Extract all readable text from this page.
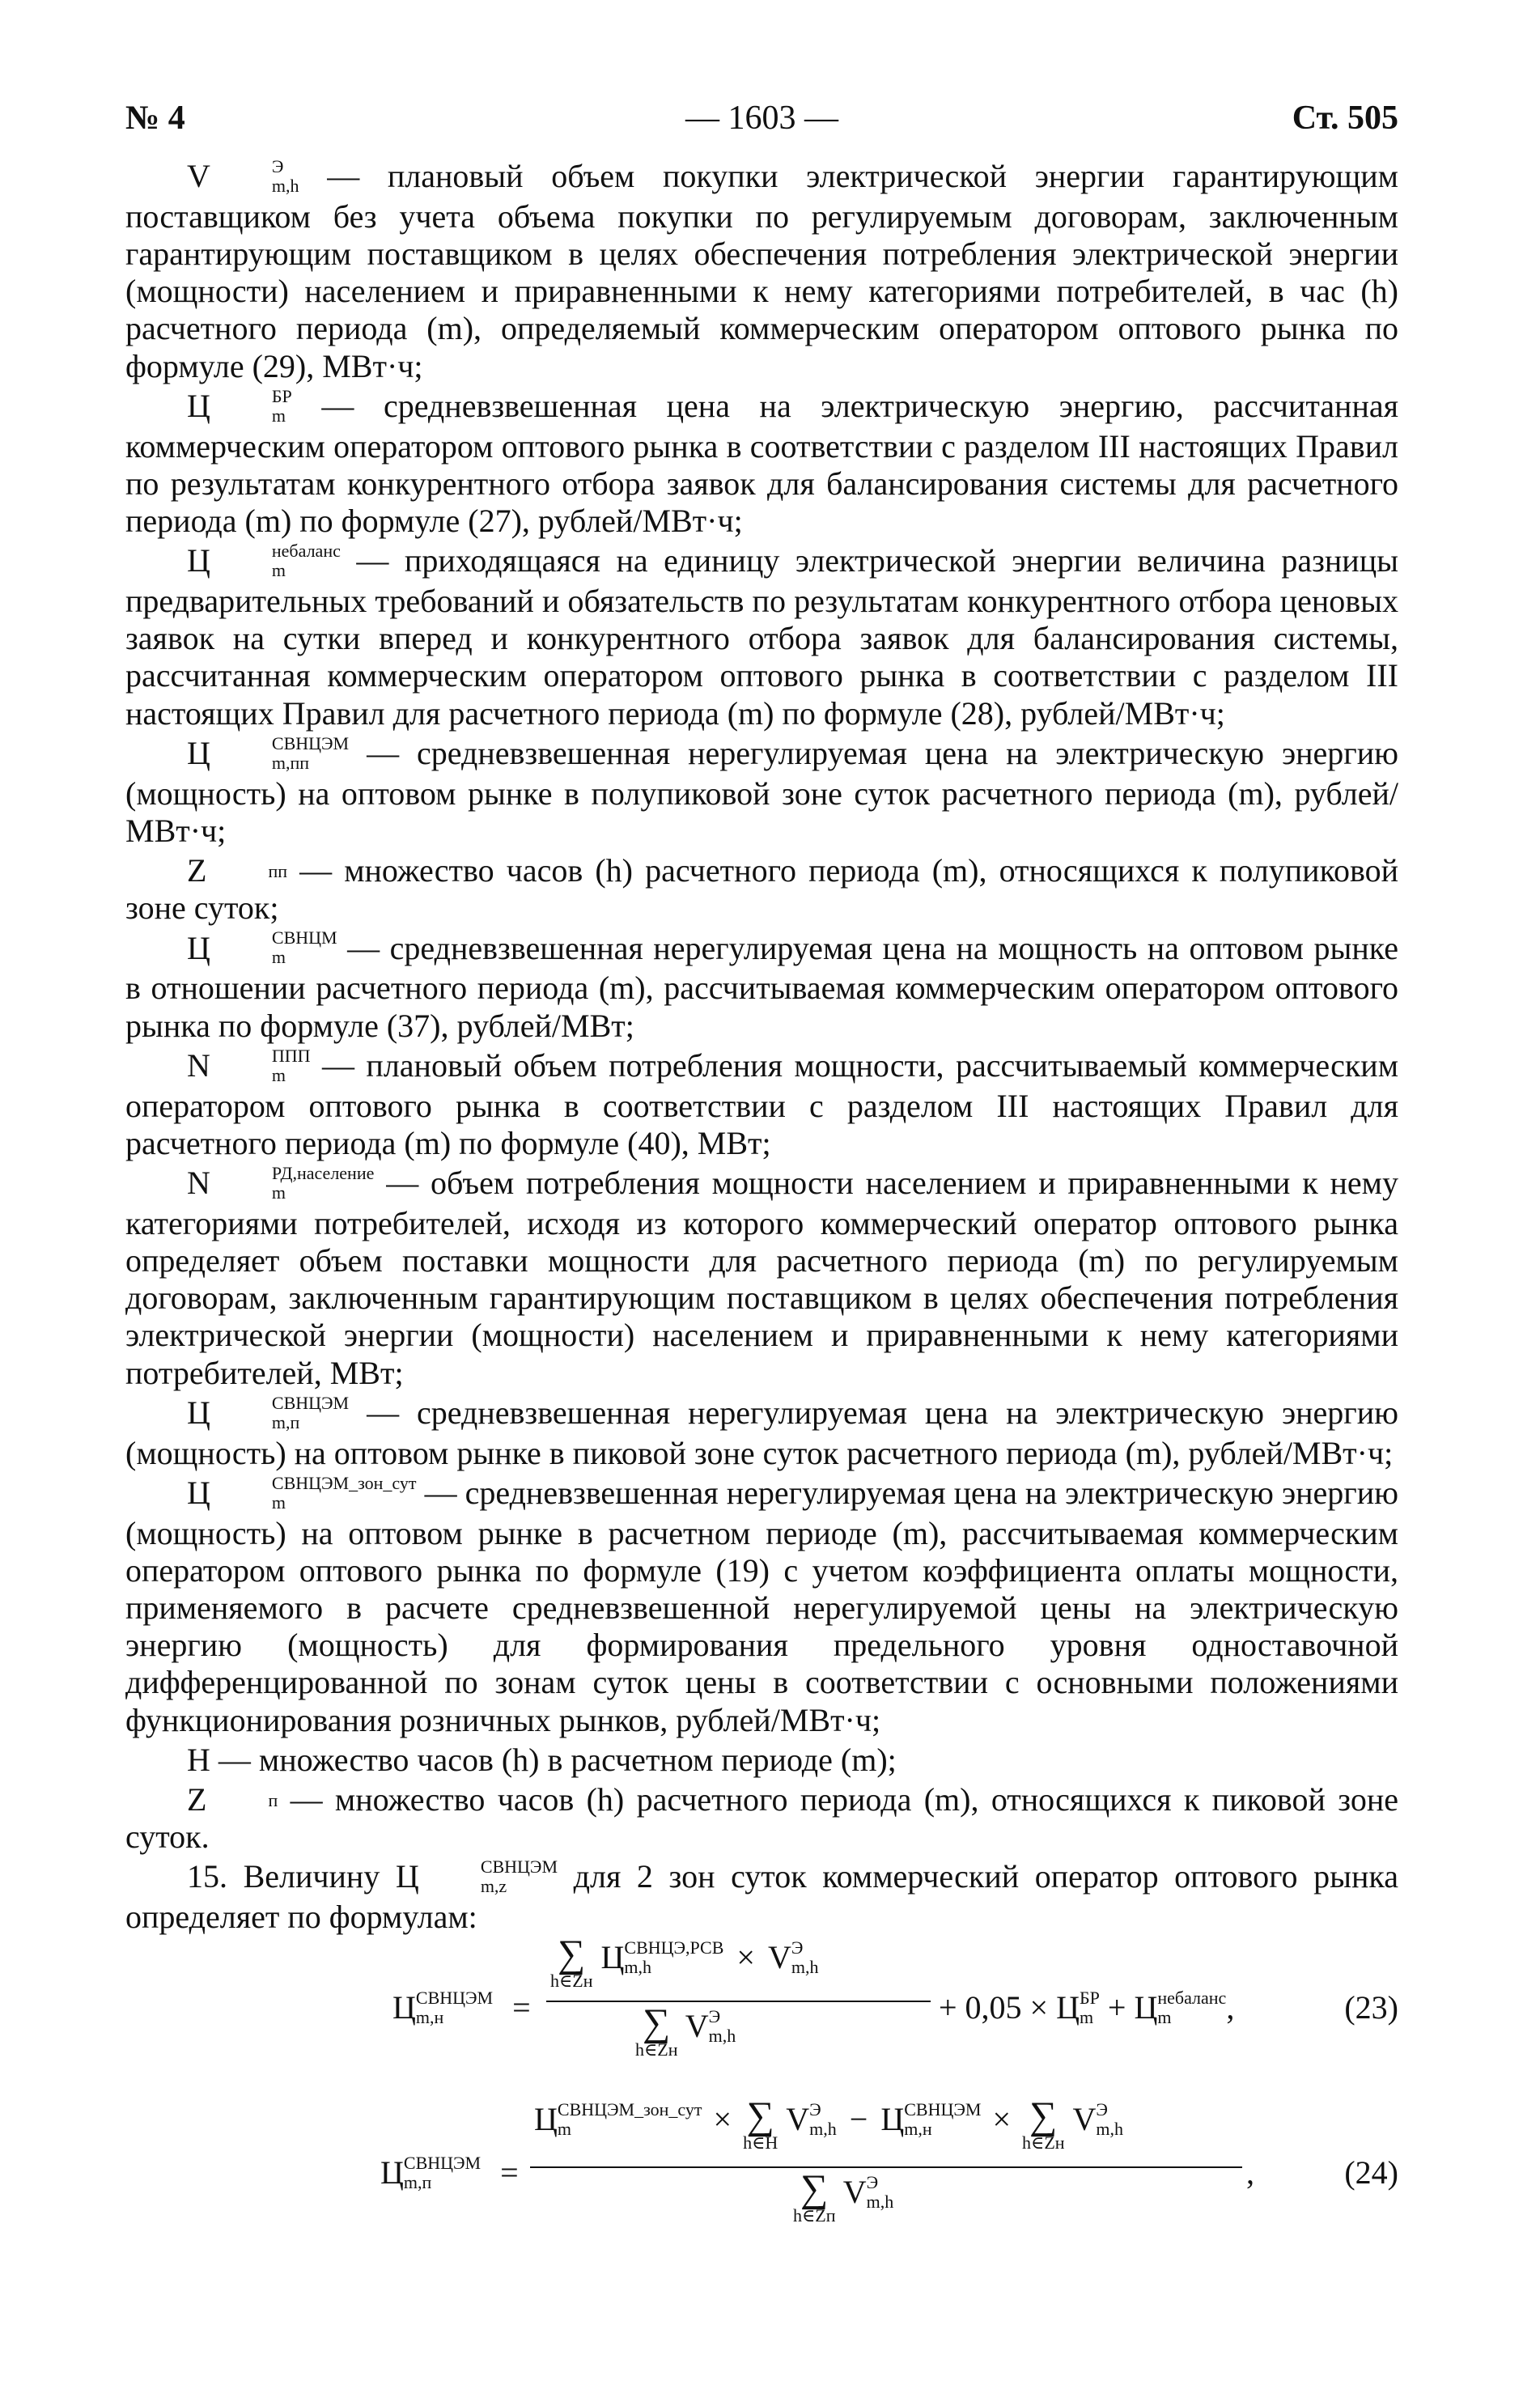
№ 4	— 1603 —	Ст. 505

V	Э
m,h — плановый объем покупки электрической энергии гарантирующим поставщиком без учета объема покупки по регулируемым договорам, заключенным гарантирующим поставщиком в целях обеспечения потребления электрической энергии (мощности) населением и приравненными к нему категориями потребителей, в час (h) расчетного периода (m), определяемый коммерческим оператором оптового рынка по формуле (29), МВт·ч;

Ц	БР
m — средневзвешенная цена на электрическую энергию, рассчитанная коммерческим оператором оптового рынка в соответствии с разделом III настоящих Правил по результатам конкурентного отбора заявок для балансирования системы для расчетного периода (m) по формуле (27), рублей/МВт·ч;

Ц	небаланс
m	— приходящаяся на единицу электрической энергии величина разницы предварительных требований и обязательств по результатам конкурентного отбора ценовых заявок на сутки вперед и конкурентного отбора заявок для балансирования системы, рассчитанная коммерческим оператором оптового рынка в соответствии с разделом III настоящих Правил для расчетного периода (m) по формуле (28), рублей/МВт·ч;

Ц	СВНЦЭМ
m,пп	— средневзвешенная нерегулируемая цена на электрическую энергию (мощность) на оптовом рынке в полупиковой зоне суток расчетного периода (m), рублей/МВт·ч;

Z	пп — множество часов (h) расчетного периода (m), относящихся к полупиковой зоне суток;

Ц	СВНЦМ
m	— средневзвешенная нерегулируемая цена на мощность на оптовом рынке в отношении расчетного периода (m), рассчитываемая коммерческим оператором оптового рынка по формуле (37), рублей/МВт;

N	ППП
m	— плановый объем потребления мощности, рассчитываемый коммерческим оператором оптового рынка в соответствии с разделом III настоящих Правил для расчетного периода (m) по формуле (40), МВт;

N	РД,население
m	— объем потребления мощности населением и приравненными к нему категориями потребителей, исходя из которого коммерческий оператор оптового рынка определяет объем поставки мощности для расчетного периода (m) по регулируемым договорам, заключенным гарантирующим поставщиком в целях обеспечения потребления электрической энергии (мощности) населением и приравненными к нему категориями потребителей, МВт;

Ц	СВНЦЭМ
m,п	— средневзвешенная нерегулируемая цена на электрическую энергию (мощность) на оптовом рынке в пиковой зоне суток расчетного периода (m), рублей/МВт·ч;

Ц	СВНЦЭМ_зон_сут
m	— средневзвешенная нерегулируемая цена на электрическую энергию (мощность) на оптовом рынке в расчетном периоде (m), рассчитываемая коммерческим оператором оптового рынка по формуле (19) с учетом коэффициента оплаты мощности, применяемого в расчете средневзвешенной нерегулируемой цены на электрическую энергию (мощность) для формирования предельного уровня одноставочной дифференцированной по зонам суток цены в соответствии с основными положениями функционирования розничных рынков, рублей/МВт·ч;

H — множество часов (h) в расчетном периоде (m);

Z	п — множество часов (h) расчетного периода (m), относящихся к пиковой зоне суток.

15. Величину Ц	СВНЦЭМ
m,z	для 2 зон суток коммерческий оператор оптового рынка определяет по формулам:

Ц СВНЦЭМ
m,н	=
∑
h∈Zн
Ц СВНЦЭ,РСВ
m,h	× V Э
m,h
∑
h∈Zн
V Э
m,h
+ 0,05 × Ц БР
m + Ц небаланс
m	,	(23)
Ц СВНЦЭМ
m,п	=
Ц СВНЦЭМ_зон_сут
m	× ∑
h∈H
V Э
m,h − Ц СВНЦЭМ
m,н	× ∑
h∈Zн
V Э
m,h
∑
h∈Zп
V Э
m,h
,	(24)
